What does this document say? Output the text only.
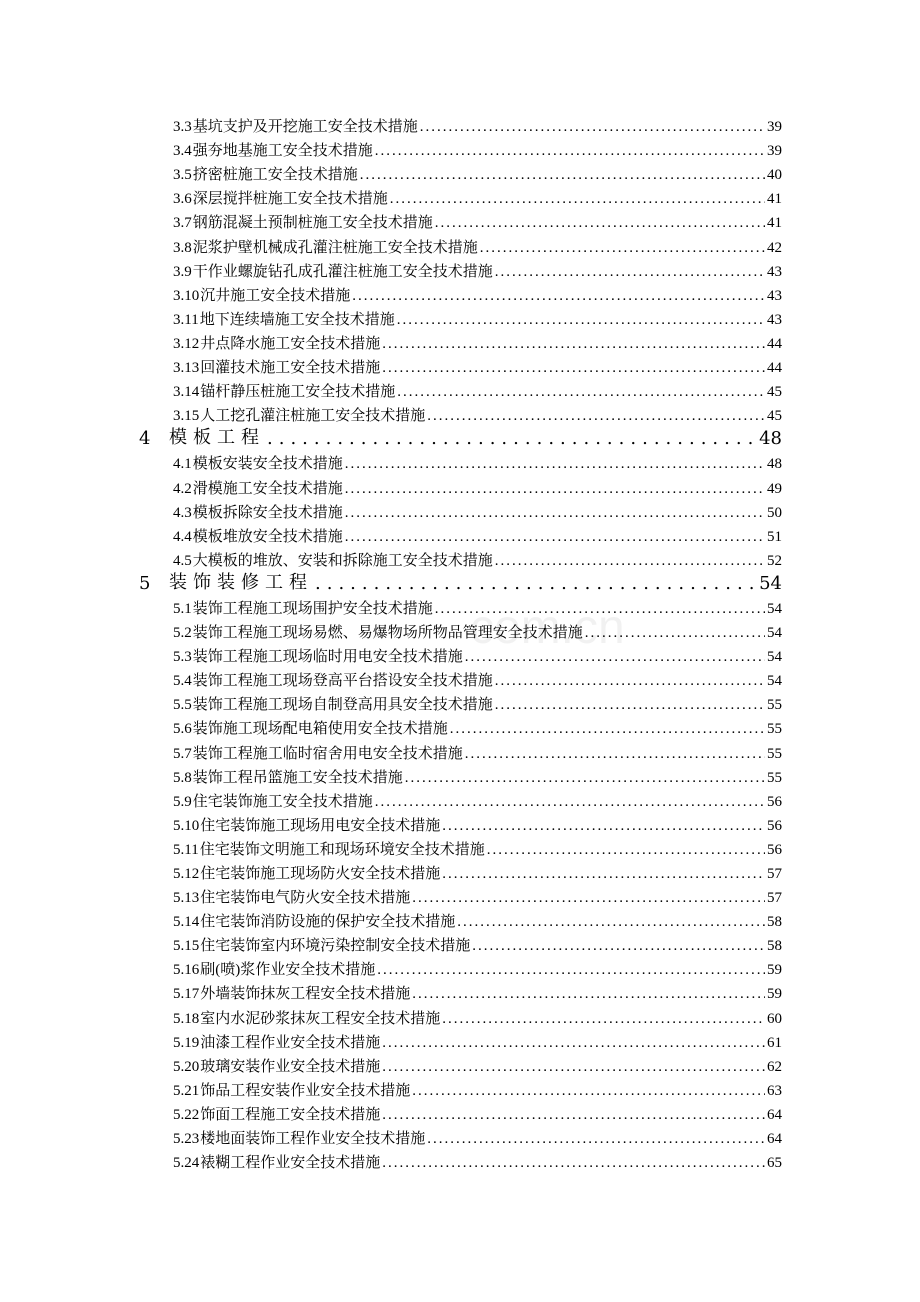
3.3 基坑支护及开挖施工安全技术措施 .....	39
3.4 强夯地基施工安全技术措施 .....	39
3.5 挤密桩施工安全技术措施 .....	40
3.6 深层搅拌桩施工安全技术措施 .....	41
3.7 钢筋混凝土预制桩施工安全技术措施 .....	41
3.8 泥浆护壁机械成孔灌注桩施工安全技术措施 .....	42
3.9 干作业螺旋钻孔成孔灌注桩施工安全技术措施 .....	43
3.10 沉井施工安全技术措施 .....	43
3.11 地下连续墙施工安全技术措施 .....	43
3.12 井点降水施工安全技术措施 .....	44
3.13 回灌技术施工安全技术措施 .....	44
3.14 锚杆静压桩施工安全技术措施 .....	45
3.15 人工挖孔灌注桩施工安全技术措施 .....	45
4	模板工程 .....	48
4.1 模板安装安全技术措施 .....	48
4.2 滑模施工安全技术措施 .....	49
4.3 模板拆除安全技术措施 .....	50
4.4 模板堆放安全技术措施 .....	51
4.5 大模板的堆放、安装和拆除施工安全技术措施 .....	52
5	装饰装修工程 .....	54
5.1 装饰工程施工现场围护安全技术措施 .....	54
5.2 装饰工程施工现场易燃、易爆物场所物品管理安全技术措施 .....	54
5.3 装饰工程施工现场临时用电安全技术措施 .....	54
5.4 装饰工程施工现场登高平台搭设安全技术措施 .....	54
5.5 装饰工程施工现场自制登高用具安全技术措施 .....	55
5.6 装饰施工现场配电箱使用安全技术措施 .....	55
5.7 装饰工程施工临时宿舍用电安全技术措施 .....	55
5.8 装饰工程吊篮施工安全技术措施 .....	55
5.9 住宅装饰施工安全技术措施 .....	56
5.10 住宅装饰施工现场用电安全技术措施 .....	56
5.11 住宅装饰文明施工和现场环境安全技术措施 .....	56
5.12 住宅装饰施工现场防火安全技术措施 .....	57
5.13 住宅装饰电气防火安全技术措施 .....	57
5.14 住宅装饰消防设施的保护安全技术措施 .....	58
5.15 住宅装饰室内环境污染控制安全技术措施 .....	58
5.16 刷(喷)浆作业安全技术措施 .....	59
5.17 外墙装饰抹灰工程安全技术措施 .....	59
5.18 室内水泥砂浆抹灰工程安全技术措施 .....	60
5.19 油漆工程作业安全技术措施 .....	61
5.20 玻璃安装作业安全技术措施 .....	62
5.21 饰品工程安装作业安全技术措施 .....	63
5.22 饰面工程施工安全技术措施 .....	64
5.23 楼地面装饰工程作业安全技术措施 .....	64
5.24 裱糊工程作业安全技术措施 .....	65
com.cn
